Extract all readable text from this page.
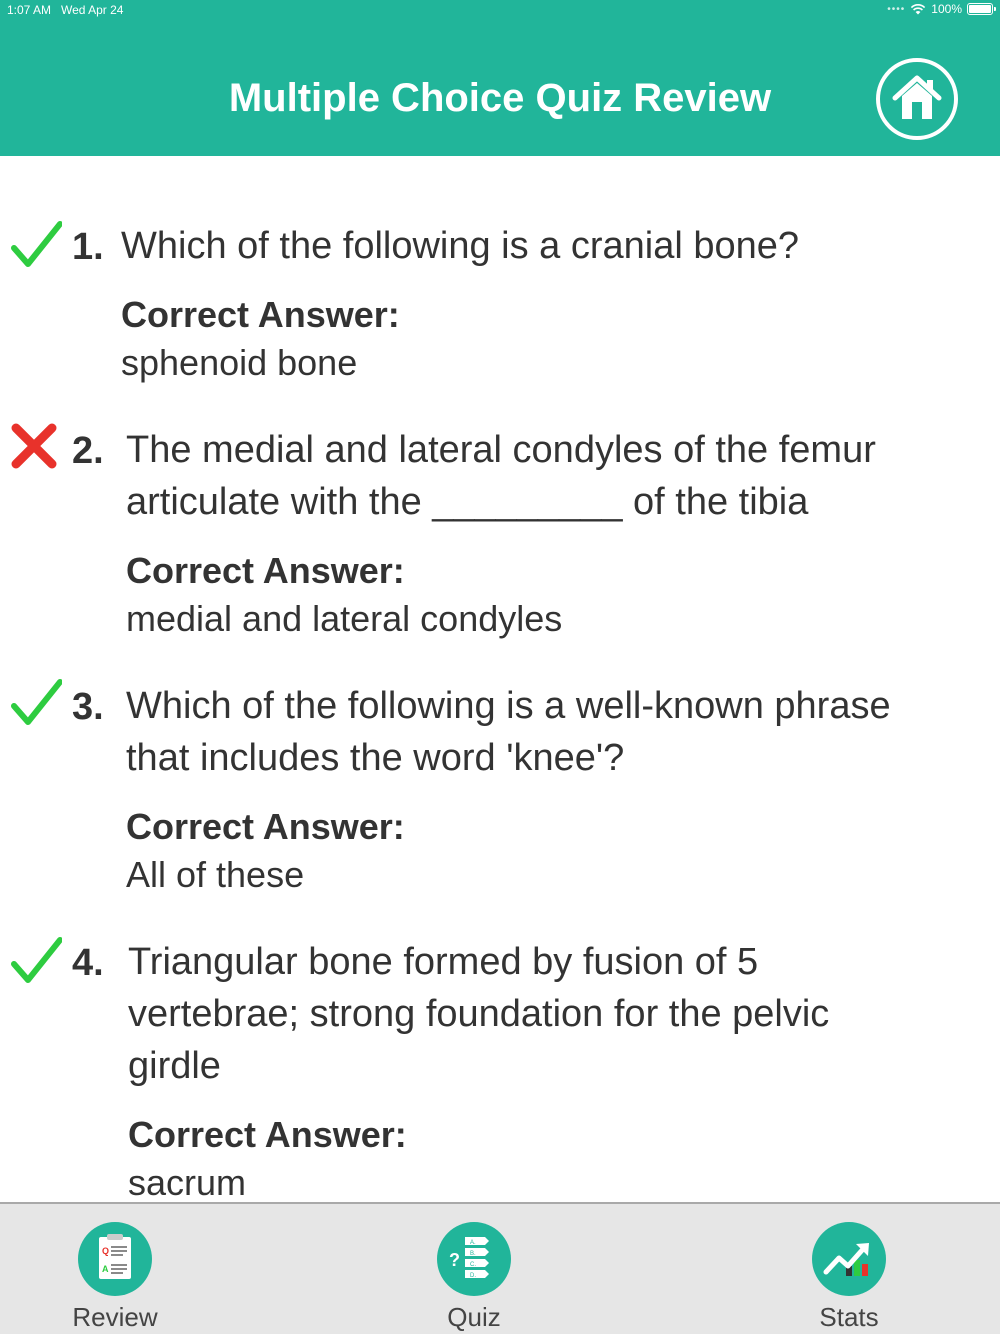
1:07 AM Wed Apr 24	•••• 100%
Multiple Choice Quiz Review
1. Which of the following is a cranial bone?
Correct Answer:
sphenoid bone
2. The medial and lateral condyles of the femur
articulate with the _________ of the tibia
Correct Answer:
medial and lateral condyles
3. Which of the following is a well-known phrase
that includes the word 'knee'?
Correct Answer:
All of these
4. Triangular bone formed by fusion of 5
vertebrae; strong foundation for the pelvic
girdle
Correct Answer:
sacrum
Q
A
Review
?
A.
B.
C.
D.
Quiz	Stats
